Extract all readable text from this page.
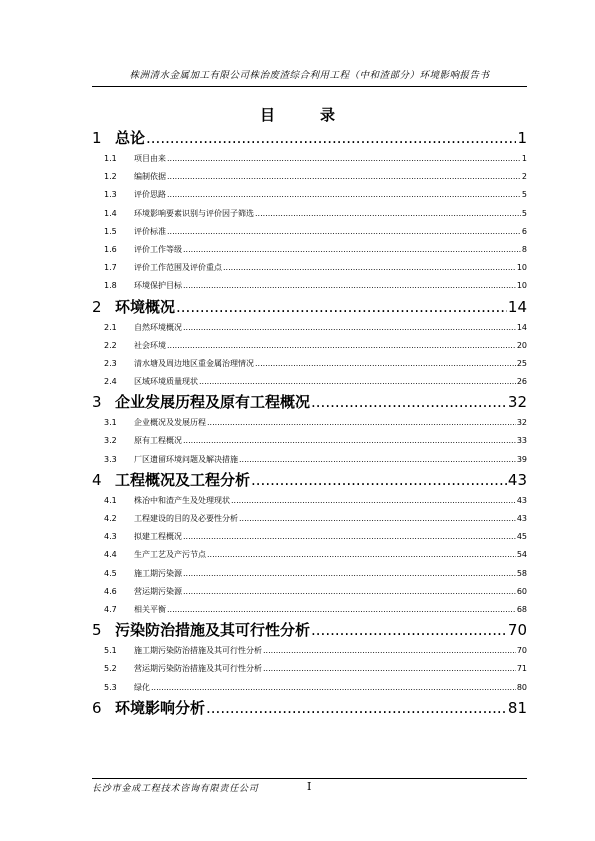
株洲清水金属加工有限公司株治废渣综合利用工程（中和渣部分）环境影响报告书
目　　　录
1 总论 .....	1
1.1	项目由来 .....	1
1.2	编制依据 .....	2
1.3	评价思路 .....	5
1.4	环境影响要素识别与评价因子筛选 .....	5
1.5	评价标准 .....	6
1.6	评价工作等级 .....	8
1.7	评价工作范围及评价重点 .....	10
1.8	环境保护目标 .....	10
2 环境概况 .....	14
2.1	自然环境概况 .....	14
2.2	社会环境 .....	20
2.3	清水塘及周边地区重金属治理情况 .....	25
2.4	区域环境质量现状 .....	26
3 企业发展历程及原有工程概况 .....	32
3.1	企业概况及发展历程 .....	32
3.2	原有工程概况 .....	33
3.3	厂区遗留环境问题及解决措施 .....	39
4 工程概况及工程分析 .....	43
4.1	株冶中和渣产生及处理现状 .....	43
4.2	工程建设的目的及必要性分析 .....	43
4.3	拟建工程概况 .....	45
4.4	生产工艺及产污节点 .....	54
4.5	施工期污染源 .....	58
4.6	营运期污染源 .....	60
4.7	相关平衡 .....	68
5 污染防治措施及其可行性分析 .....	70
5.1	施工期污染防治措施及其可行性分析 .....	70
5.2	营运期污染防治措施及其可行性分析 .....	71
5.3	绿化 .....	80
6 环境影响分析 .....	81
长沙市金成工程技术咨询有限责任公司	I
